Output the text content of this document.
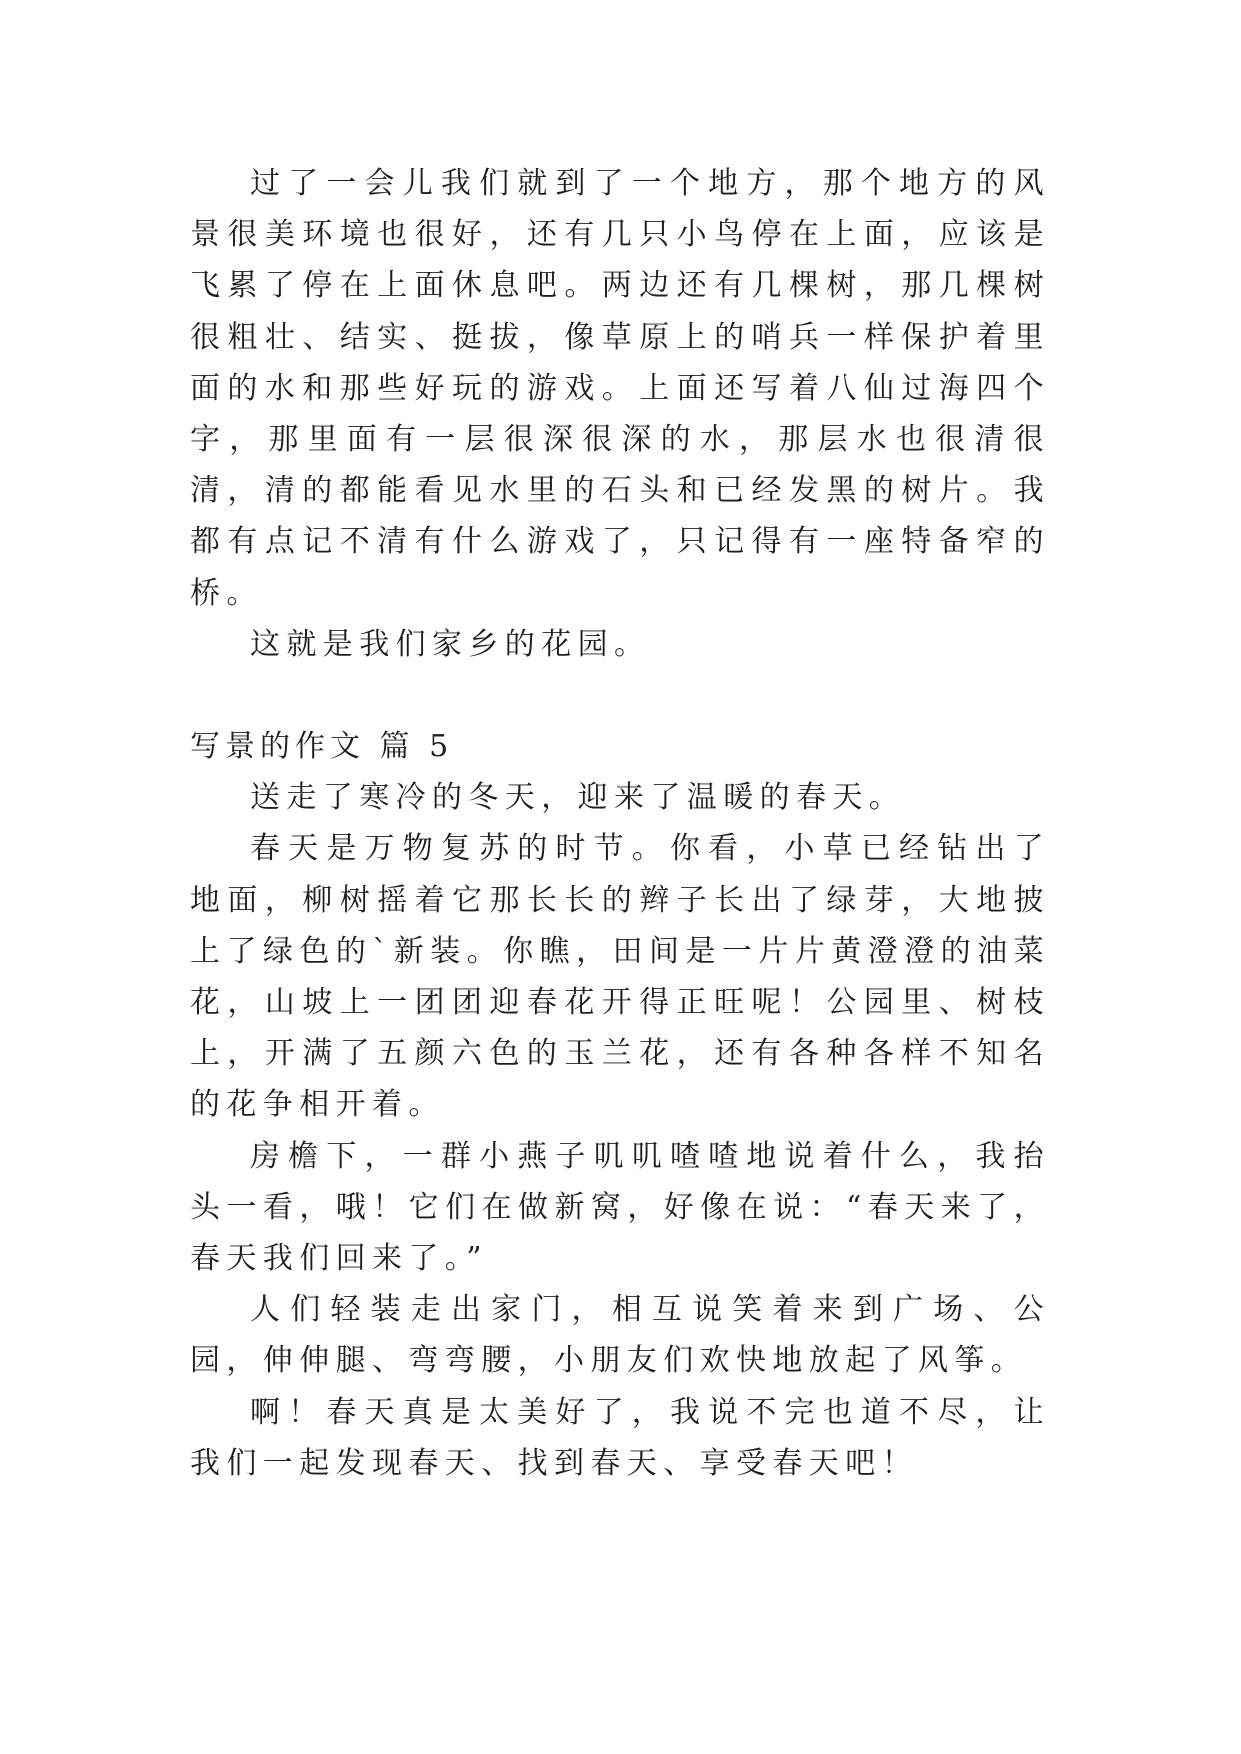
过了一会儿我们就到了一个地方，那个地方的风景很美环境也很好，还有几只小鸟停在上面，应该是飞累了停在上面休息吧。两边还有几棵树，那几棵树很粗壮、结实、挺拔，像草原上的哨兵一样保护着里面的水和那些好玩的游戏。上面还写着八仙过海四个字，那里面有一层很深很深的水，那层水也很清很清，清的都能看见水里的石头和已经发黑的树片。我都有点记不清有什么游戏了，只记得有一座特备窄的桥。

这就是我们家乡的花园。

写景的作文 篇 5

送走了寒冷的冬天，迎来了温暖的春天。

春天是万物复苏的时节。你看，小草已经钻出了地面，柳树摇着它那长长的辫子长出了绿芽，大地披上了绿色的`新装。你瞧，田间是一片片黄澄澄的油菜花，山坡上一团团迎春花开得正旺呢！公园里、树枝上，开满了五颜六色的玉兰花，还有各种各样不知名的花争相开着。

房檐下，一群小燕子叽叽喳喳地说着什么，我抬头一看，哦！它们在做新窝，好像在说：“春天来了，春天我们回来了。”

人们轻装走出家门，相互说笑着来到广场、公园，伸伸腿、弯弯腰，小朋友们欢快地放起了风筝。

啊！春天真是太美好了，我说不完也道不尽，让我们一起发现春天、找到春天、享受春天吧！
